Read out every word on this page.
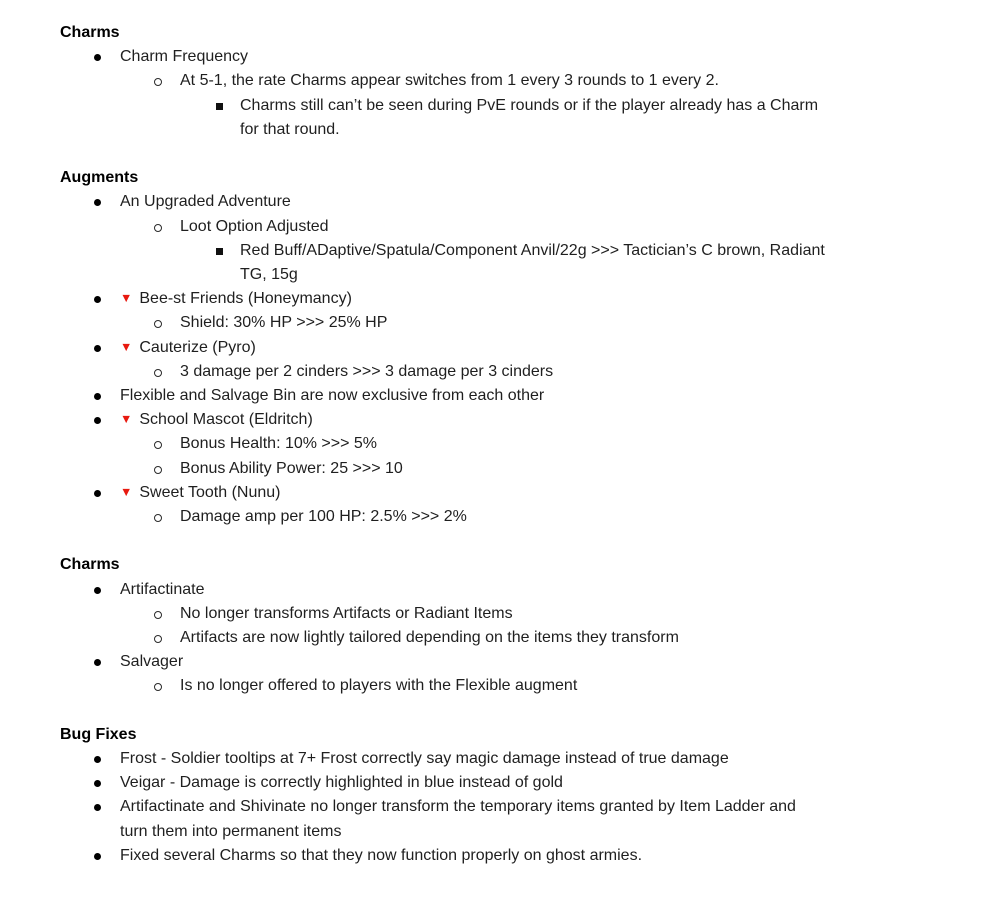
Charms
Charm Frequency
At 5-1, the rate Charms appear switches from 1 every 3 rounds to 1 every 2.
Charms still can’t be seen during PvE rounds or if the player already has a Charm
for that round.
Augments
An Upgraded Adventure
Loot Option Adjusted
Red Buff/ADaptive/Spatula/Component Anvil/22g >>> Tactician’s C brown, Radiant
TG, 15g
▼ Bee-st Friends (Honeymancy)
Shield: 30% HP >>> 25% HP
▼ Cauterize (Pyro)
3 damage per 2 cinders >>> 3 damage per 3 cinders
Flexible and Salvage Bin are now exclusive from each other
▼ School Mascot (Eldritch)
Bonus Health: 10% >>> 5%
Bonus Ability Power: 25 >>> 10
▼ Sweet Tooth (Nunu)
Damage amp per 100 HP: 2.5% >>> 2%
Charms
Artifactinate
No longer transforms Artifacts or Radiant Items
Artifacts are now lightly tailored depending on the items they transform
Salvager
Is no longer offered to players with the Flexible augment
Bug Fixes
Frost - Soldier tooltips at 7+ Frost correctly say magic damage instead of true damage
Veigar - Damage is correctly highlighted in blue instead of gold
Artifactinate and Shivinate no longer transform the temporary items granted by Item Ladder and
turn them into permanent items
Fixed several Charms so that they now function properly on ghost armies.
